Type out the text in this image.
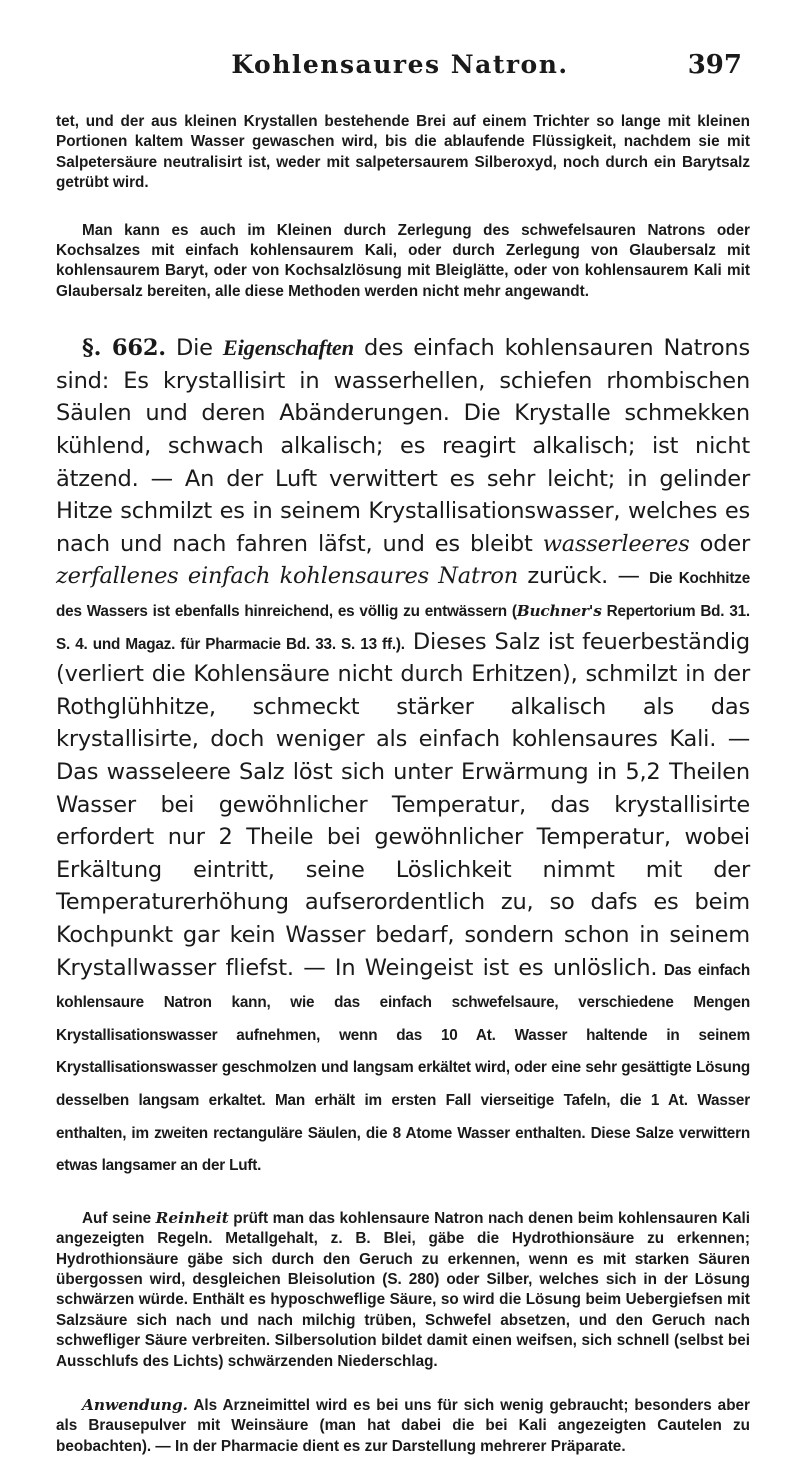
Kohlensaures Natron.	397

tet, und der aus kleinen Krystallen bestehende Brei auf einem Trichter so lange mit kleinen Portionen kaltem Wasser gewaschen wird, bis die ablaufende Flüssigkeit, nachdem sie mit Salpetersäure neutralisirt ist, weder mit salpetersaurem Silberoxyd, noch durch ein Barytsalz getrübt wird.

Man kann es auch im Kleinen durch Zerlegung des schwefelsauren Natrons oder Kochsalzes mit einfach kohlensaurem Kali, oder durch Zerlegung von Glaubersalz mit kohlensaurem Baryt, oder von Kochsalzlösung mit Bleiglätte, oder von kohlensaurem Kali mit Glaubersalz bereiten, alle diese Methoden werden nicht mehr angewandt.

§. 662. Die Eigenschaften des einfach kohlensauren Natrons sind: Es krystallisirt in wasserhellen, schiefen rhombischen Säulen und deren Abänderungen. Die Krystalle schmekken kühlend, schwach alkalisch; es reagirt alkalisch; ist nicht ätzend. — An der Luft verwittert es sehr leicht; in gelinder Hitze schmilzt es in seinem Krystallisationswasser, welches es nach und nach fahren läfst, und es bleibt wasserleeres oder zerfallenes einfach kohlensaures Natron zurück. — Die Kochhitze des Wassers ist ebenfalls hinreichend, es völlig zu entwässern (Buchner's Repertorium Bd. 31. S. 4. und Magaz. für Pharmacie Bd. 33. S. 13 ff.). Dieses Salz ist feuerbeständig (verliert die Kohlensäure nicht durch Erhitzen), schmilzt in der Rothglühhitze, schmeckt stärker alkalisch als das krystallisirte, doch weniger als einfach kohlensaures Kali. — Das wasseleere Salz löst sich unter Erwärmung in 5,2 Theilen Wasser bei gewöhnlicher Temperatur, das krystallisirte erfordert nur 2 Theile bei gewöhnlicher Temperatur, wobei Erkältung eintritt, seine Löslichkeit nimmt mit der Temperaturerhöhung aufserordentlich zu, so dafs es beim Kochpunkt gar kein Wasser bedarf, sondern schon in seinem Krystallwasser fliefst. — In Weingeist ist es unlöslich. Das einfach kohlensaure Natron kann, wie das einfach schwefelsaure, verschiedene Mengen Krystallisationswasser aufnehmen, wenn das 10 At. Wasser haltende in seinem Krystallisationswasser geschmolzen und langsam erkältet wird, oder eine sehr gesättigte Lösung desselben langsam erkaltet. Man erhält im ersten Fall vierseitige Tafeln, die 1 At. Wasser enthalten, im zweiten rectanguläre Säulen, die 8 Atome Wasser enthalten. Diese Salze verwittern etwas langsamer an der Luft.

Auf seine Reinheit prüft man das kohlensaure Natron nach denen beim kohlensauren Kali angezeigten Regeln. Metallgehalt, z. B. Blei, gäbe die Hydrothionsäure zu erkennen; Hydrothionsäure gäbe sich durch den Geruch zu erkennen, wenn es mit starken Säuren übergossen wird, desgleichen Bleisolution (S. 280) oder Silber, welches sich in der Lösung schwärzen würde. Enthält es hyposchweflige Säure, so wird die Lösung beim Uebergiefsen mit Salzsäure sich nach und nach milchig trüben, Schwefel absetzen, und den Geruch nach schwefliger Säure verbreiten. Silbersolution bildet damit einen weifsen, sich schnell (selbst bei Ausschlufs des Lichts) schwärzenden Niederschlag.

Anwendung. Als Arzneimittel wird es bei uns für sich wenig gebraucht; besonders aber als Brausepulver mit Weinsäure (man hat dabei die bei Kali angezeigten Cautelen zu beobachten). — In der Pharmacie dient es zur Darstellung mehrerer Präparate.
